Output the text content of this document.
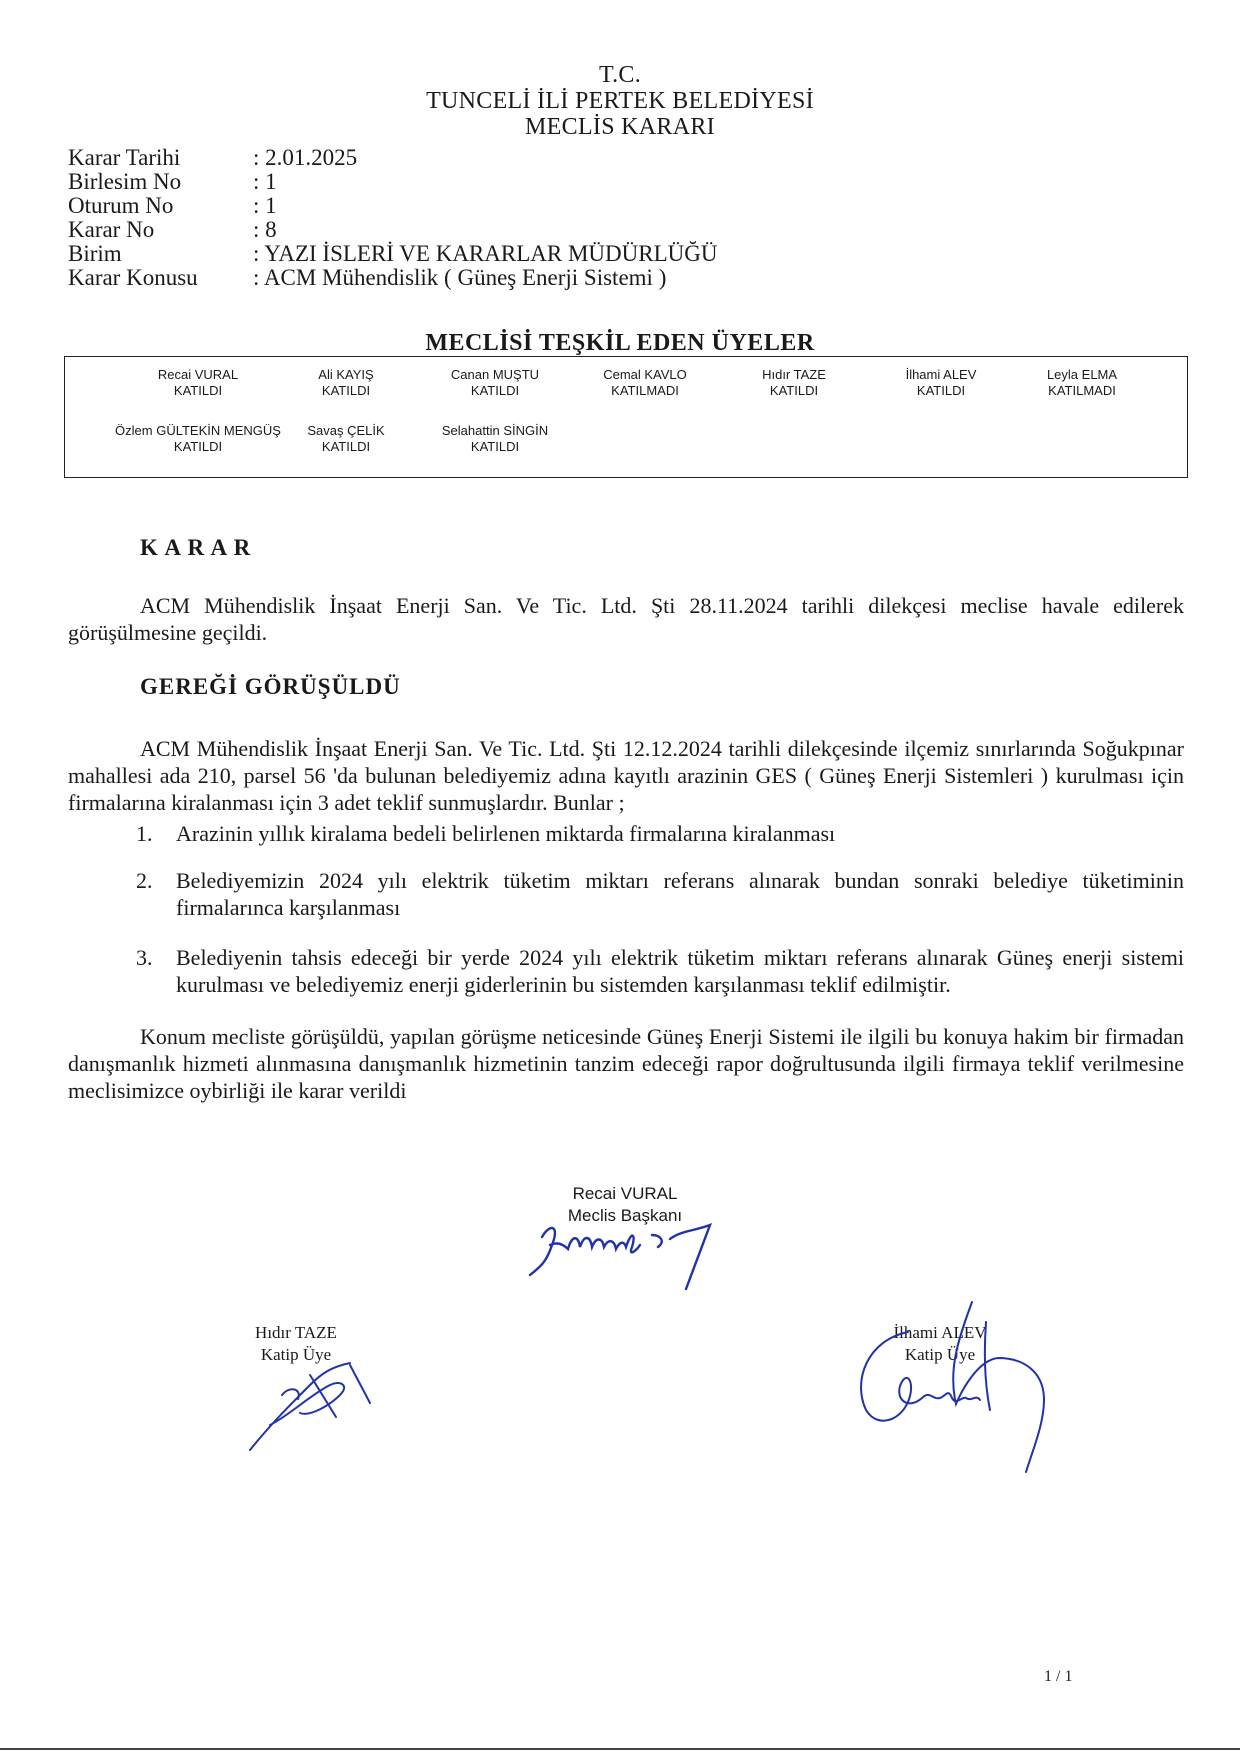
T.C.
TUNCELİ İLİ PERTEK BELEDİYESİ
MECLİS KARARI
Karar Tarihi	: 2.01.2025
Birlesim No	: 1
Oturum No	: 1
Karar No	: 8
Birim	: YAZI İSLERİ VE KARARLAR MÜDÜRLÜĞÜ
Karar Konusu	: ACM Mühendislik ( Güneş Enerji Sistemi )
MECLİSİ TEŞKİL EDEN ÜYELER
Recai VURAL
KATILDI
Ali KAYIŞ
KATILDI
Canan MUŞTU
KATILDI
Cemal KAVLO
KATILMADI
Hıdır TAZE
KATILDI
İlhami ALEV
KATILDI
Leyla ELMA
KATILMADI
Özlem GÜLTEKİN MENGÜŞ
KATILDI
Savaş ÇELİK
KATILDI
Selahattin SİNGİN
KATILDI
K A R A R
ACM Mühendislik İnşaat Enerji San. Ve Tic. Ltd. Şti 28.11.2024 tarihli dilekçesi meclise havale edilerek görüşülmesine geçildi.
GEREĞİ GÖRÜŞÜLDÜ
ACM Mühendislik İnşaat Enerji San. Ve Tic. Ltd. Şti 12.12.2024 tarihli dilekçesinde ilçemiz sınırlarında Soğukpınar mahallesi ada 210, parsel 56 'da bulunan belediyemiz adına kayıtlı arazinin GES ( Güneş Enerji Sistemleri ) kurulması için firmalarına kiralanması için 3 adet teklif sunmuşlardır. Bunlar ;
1.	Arazinin yıllık kiralama bedeli belirlenen miktarda firmalarına kiralanması
2.	Belediyemizin 2024 yılı elektrik tüketim miktarı referans alınarak bundan sonraki belediye tüketiminin firmalarınca karşılanması
3.	Belediyenin tahsis edeceği bir yerde 2024 yılı elektrik tüketim miktarı referans alınarak Güneş enerji sistemi kurulması ve belediyemiz enerji giderlerinin bu sistemden karşılanması teklif edilmiştir.
Konum mecliste görüşüldü, yapılan görüşme neticesinde Güneş Enerji Sistemi ile ilgili bu konuya hakim bir firmadan danışmanlık hizmeti alınmasına danışmanlık hizmetinin tanzim edeceği rapor doğrultusunda ilgili firmaya teklif verilmesine meclisimizce oybirliği ile karar verildi
Recai VURAL
Meclis Başkanı
Hıdır TAZE
Katip Üye
İlhami ALEV
Katip Üye
1 / 1
